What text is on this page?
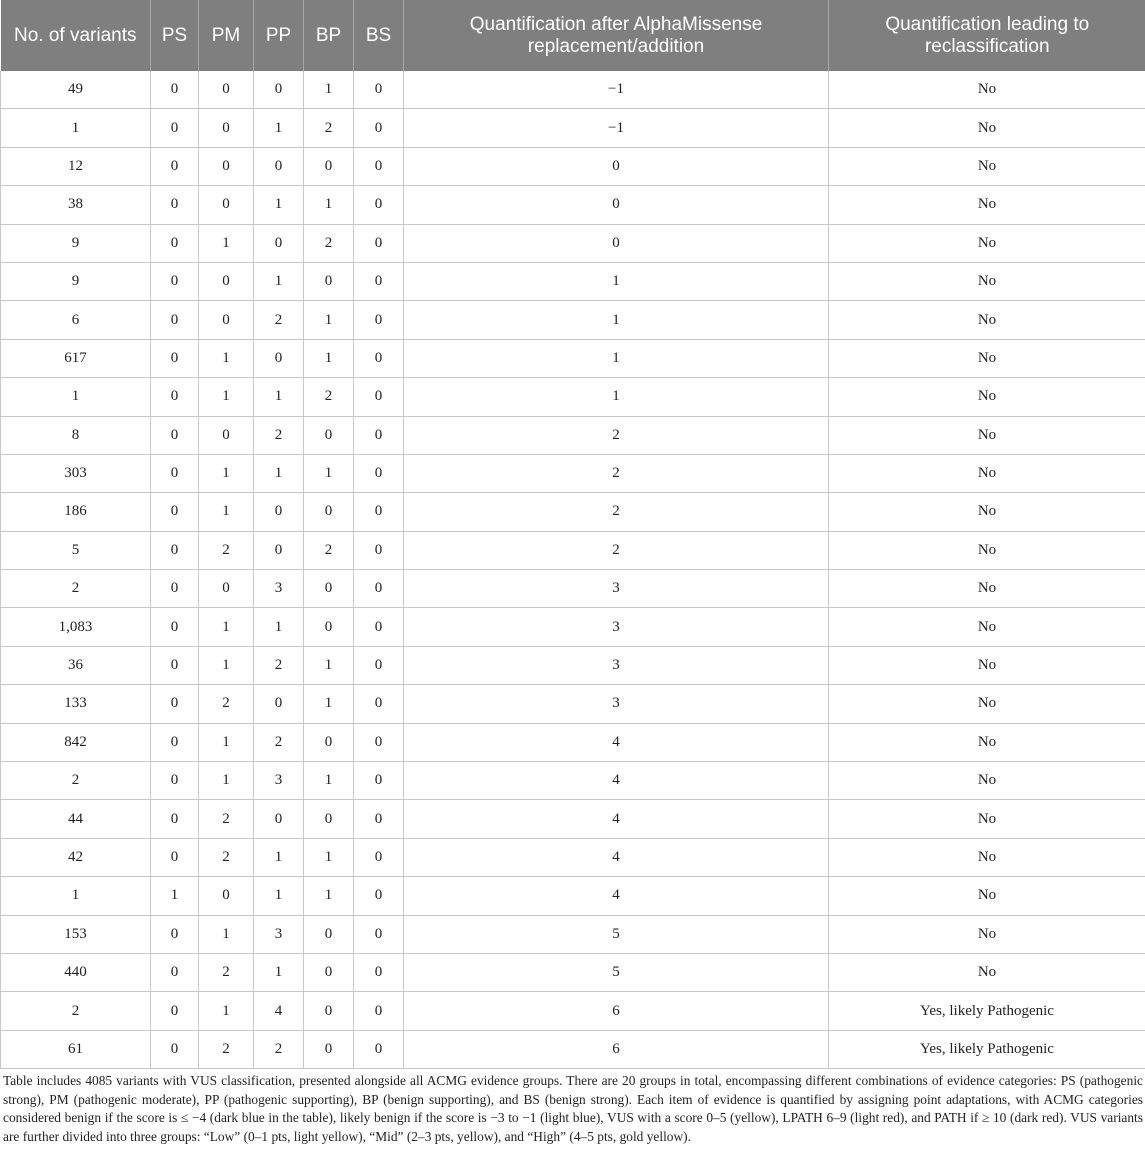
No. of variants	PS	PM	PP	BP	BS	Quantification after AlphaMissense replacement/addition	Quantification leading to reclassification
49	0	0	0	1	0	−1	No
1	0	0	1	2	0	−1	No
12	0	0	0	0	0	0	No
38	0	0	1	1	0	0	No
9	0	1	0	2	0	0	No
9	0	0	1	0	0	1	No
6	0	0	2	1	0	1	No
617	0	1	0	1	0	1	No
1	0	1	1	2	0	1	No
8	0	0	2	0	0	2	No
303	0	1	1	1	0	2	No
186	0	1	0	0	0	2	No
5	0	2	0	2	0	2	No
2	0	0	3	0	0	3	No
1,083	0	1	1	0	0	3	No
36	0	1	2	1	0	3	No
133	0	2	0	1	0	3	No
842	0	1	2	0	0	4	No
2	0	1	3	1	0	4	No
44	0	2	0	0	0	4	No
42	0	2	1	1	0	4	No
1	1	0	1	1	0	4	No
153	0	1	3	0	0	5	No
440	0	2	1	0	0	5	No
2	0	1	4	0	0	6	Yes, likely Pathogenic
61	0	2	2	0	0	6	Yes, likely Pathogenic

Table includes 4085 variants with VUS classification, presented alongside all ACMG evidence groups. There are 20 groups in total, encompassing different combinations of evidence categories: PS (pathogenic strong), PM (pathogenic moderate), PP (pathogenic supporting), BP (benign supporting), and BS (benign strong). Each item of evidence is quantified by assigning point adaptations, with ACMG categories considered benign if the score is ≤ −4 (dark blue in the table), likely benign if the score is −3 to −1 (light blue), VUS with a score 0–5 (yellow), LPATH 6–9 (light red), and PATH if ≥ 10 (dark red). VUS variants are further divided into three groups: “Low” (0–1 pts, light yellow), “Mid” (2–3 pts, yellow), and “High” (4–5 pts, gold yellow).
